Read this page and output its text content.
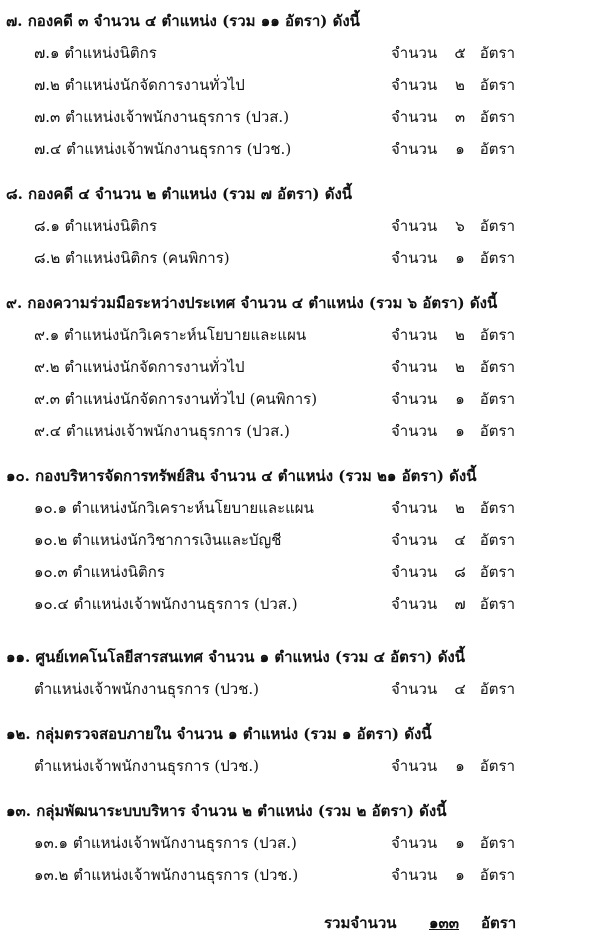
๗. กองคดี ๓ จำนวน ๔ ตำแหน่ง (รวม ๑๑ อัตรา) ดังนี้
๗.๑ ตำแหน่งนิติกร	จำนวน ๕ อัตรา
๗.๒ ตำแหน่งนักจัดการงานทั่วไป	จำนวน ๒ อัตรา
๗.๓ ตำแหน่งเจ้าพนักงานธุรการ (ปวส.)	จำนวน ๓ อัตรา
๗.๔ ตำแหน่งเจ้าพนักงานธุรการ (ปวช.)	จำนวน ๑ อัตรา
๘. กองคดี ๔ จำนวน ๒ ตำแหน่ง (รวม ๗ อัตรา) ดังนี้
๘.๑ ตำแหน่งนิติกร	จำนวน ๖ อัตรา
๘.๒ ตำแหน่งนิติกร (คนพิการ)	จำนวน ๑ อัตรา
๙. กองความร่วมมือระหว่างประเทศ จำนวน ๔ ตำแหน่ง (รวม ๖ อัตรา) ดังนี้
๙.๑ ตำแหน่งนักวิเคราะห์นโยบายและแผน	จำนวน ๒ อัตรา
๙.๒ ตำแหน่งนักจัดการงานทั่วไป	จำนวน ๒ อัตรา
๙.๓ ตำแหน่งนักจัดการงานทั่วไป (คนพิการ)	จำนวน ๑ อัตรา
๙.๔ ตำแหน่งเจ้าพนักงานธุรการ (ปวส.)	จำนวน ๑ อัตรา
๑๐. กองบริหารจัดการทรัพย์สิน จำนวน ๔ ตำแหน่ง (รวม ๒๑ อัตรา) ดังนี้
๑๐.๑ ตำแหน่งนักวิเคราะห์นโยบายและแผน	จำนวน ๒ อัตรา
๑๐.๒ ตำแหน่งนักวิชาการเงินและบัญชี	จำนวน ๔ อัตรา
๑๐.๓ ตำแหน่งนิติกร	จำนวน ๘ อัตรา
๑๐.๔ ตำแหน่งเจ้าพนักงานธุรการ (ปวส.)	จำนวน ๗ อัตรา
๑๑. ศูนย์เทคโนโลยีสารสนเทศ จำนวน ๑ ตำแหน่ง (รวม ๔ อัตรา) ดังนี้
ตำแหน่งเจ้าพนักงานธุรการ (ปวช.)	จำนวน ๔ อัตรา
๑๒. กลุ่มตรวจสอบภายใน จำนวน ๑ ตำแหน่ง (รวม ๑ อัตรา) ดังนี้
ตำแหน่งเจ้าพนักงานธุรการ (ปวช.)	จำนวน ๑ อัตรา
๑๓. กลุ่มพัฒนาระบบบริหาร จำนวน ๒ ตำแหน่ง (รวม ๒ อัตรา) ดังนี้
๑๓.๑ ตำแหน่งเจ้าพนักงานธุรการ (ปวส.)	จำนวน ๑ อัตรา
๑๓.๒ ตำแหน่งเจ้าพนักงานธุรการ (ปวช.)	จำนวน ๑ อัตรา
รวมจำนวน ๑๓๓ อัตรา
